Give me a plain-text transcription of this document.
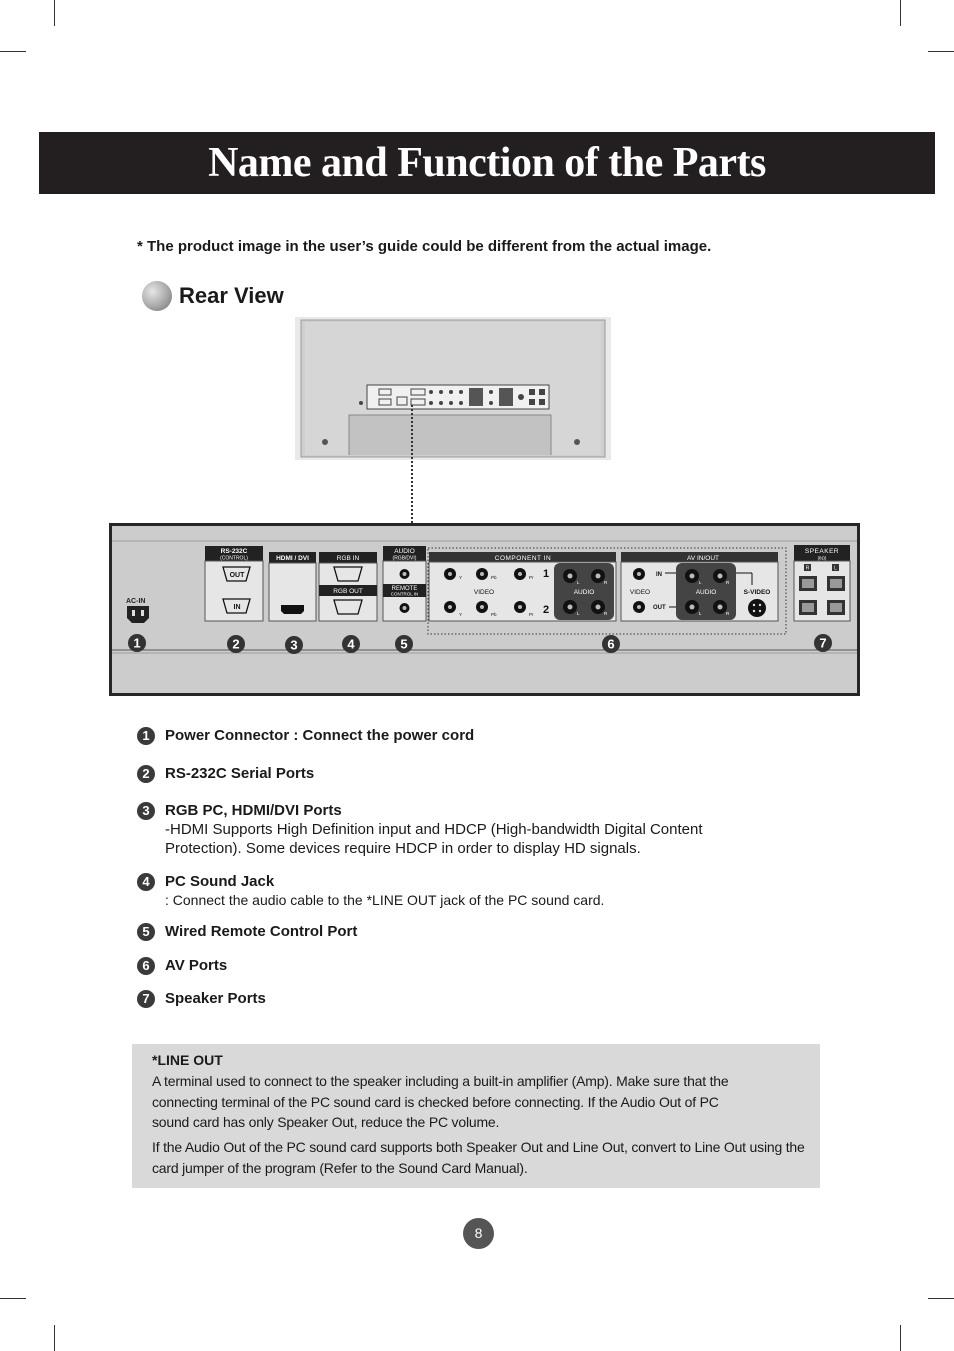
Name and Function of the Parts
* The product image in the user’s guide could be different from the actual image.
Rear View
AC-IN
RS-232C
(CONTROL)
OUT
IN
HDMI / DVI	RGB IN
RGB OUT
AUDIO
(RGB/DVI)
REMOTE
CONTROL IN
COMPONENT IN
Y	Pb	Pr 1
VIDEO
Y	Pb	Pr 2
L	R
L	R
AUDIO
AV IN/OUT
VIDEO
IN
OUT
L	R
L	R
AUDIO	S-VIDEO
SPEAKER
(8Ω)
R	L
1	2	3	4	5	6	7
1	Power Connector : Connect the power cord
2	RS-232C Serial Ports
3	RGB PC, HDMI/DVI Ports
-HDMI Supports High Definition input and HDCP (High-bandwidth Digital Content Protection). Some devices require HDCP in order to display HD signals.
4	PC Sound Jack
: Connect the audio cable to the *LINE OUT jack of the PC sound card.
5	Wired Remote Control Port
6	AV Ports
7	Speaker Ports
*LINE OUT
A terminal used to connect to the speaker including a built-in amplifier (Amp). Make sure that the connecting terminal of the PC sound card is checked before connecting. If the Audio Out of PC sound card has only Speaker Out, reduce the PC volume.
If the Audio Out of the PC sound card supports both Speaker Out and Line Out, convert to Line Out using the card jumper of the program (Refer to the Sound Card Manual).
8
